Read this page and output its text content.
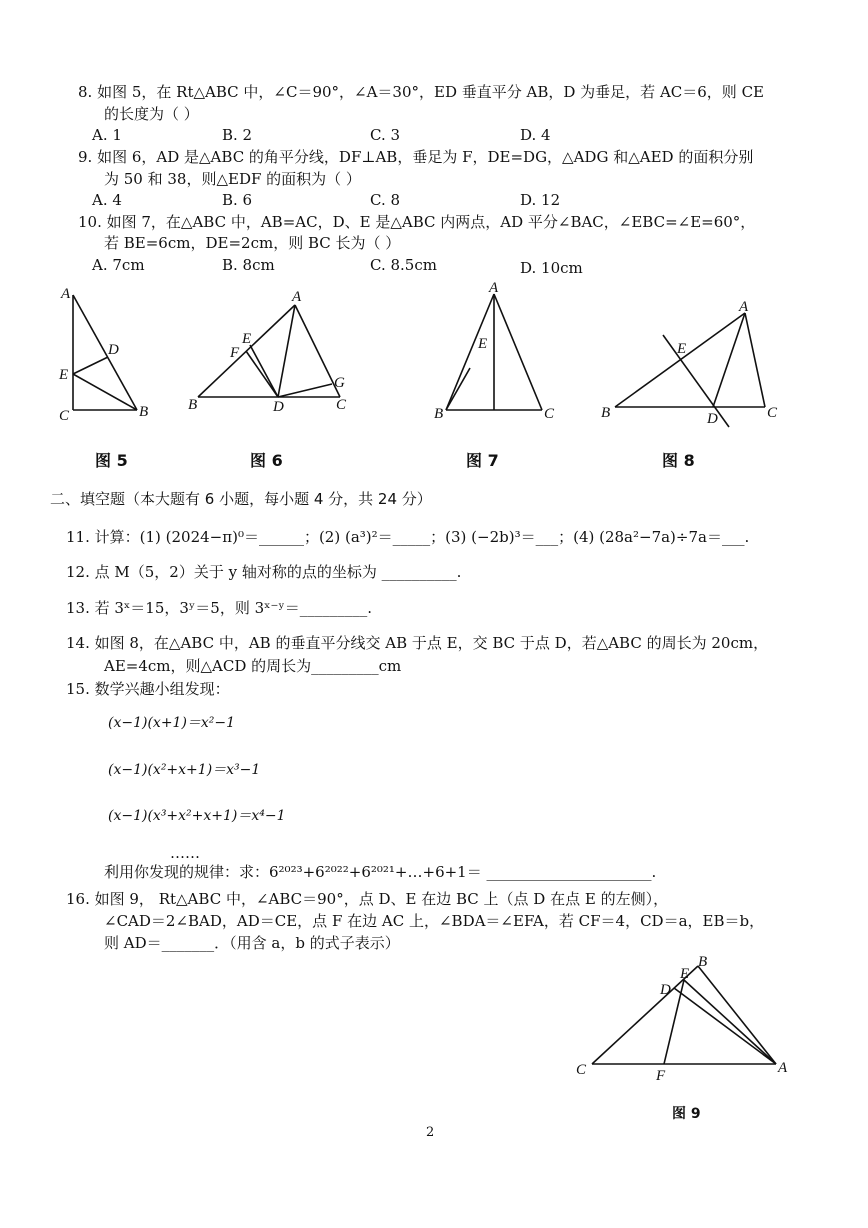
8. 如图 5，在 Rt△ABC 中，∠C＝90°，∠A＝30°，ED 垂直平分 AB，D 为垂足，若 AC＝6，则 CE
的长度为（ ）
A. 1	B. 2	C. 3	D. 4
9. 如图 6，AD 是△ABC 的角平分线，DF⊥AB，垂足为 F，DE=DG，△ADG 和△AED 的面积分别
为 50 和 38，则△EDF 的面积为（ ）
A. 4	B. 6	C. 8	D. 12
10. 如图 7，在△ABC 中，AB=AC，D、E 是△ABC 内两点，AD 平分∠BAC，∠EBC=∠E=60°，
若 BE=6cm，DE=2cm，则 BC 长为（ ）
A. 7cm	B. 8cm	C. 8.5cm	D. 10cm
A
D
E
C	B
图 5
A
E
F
G
B	D	C
图 6
A
E
B	C
图 7
A
E
B	D	C
图 8
二、填空题（本大题有 6 小题，每小题 4 分，共 24 分）
11. 计算：(1) (2024−π)⁰＝______；(2) (a³)²＝_____；(3) (−2b)³＝___；(4) (28a²−7a)÷7a＝___.
12. 点 M（5，2）关于 y 轴对称的点的坐标为 __________.
13. 若 3ˣ＝15，3ʸ＝5，则 3ˣ⁻ʸ＝_________.
14. 如图 8，在△ABC 中，AB 的垂直平分线交 AB 于点 E，交 BC 于点 D，若△ABC 的周长为 20cm，
AE=4cm，则△ACD 的周长为_________cm
15. 数学兴趣小组发现：
(x−1)(x+1)＝x²−1
(x−1)(x²+x+1)＝x³−1
(x−1)(x³+x²+x+1)＝x⁴−1
……
利用你发现的规律：求：6²⁰²³+6²⁰²²+6²⁰²¹+…+6+1＝ ______________________.
16. 如图 9， Rt△ABC 中，∠ABC＝90°，点 D、E 在边 BC 上（点 D 在点 E 的左侧），
∠CAD＝2∠BAD，AD＝CE，点 F 在边 AC 上，∠BDA＝∠EFA，若 CF＝4，CD＝a，EB＝b，
则 AD＝_______．（用含 a，b 的式子表示）
B
E
D
C	F	A
图 9
2
